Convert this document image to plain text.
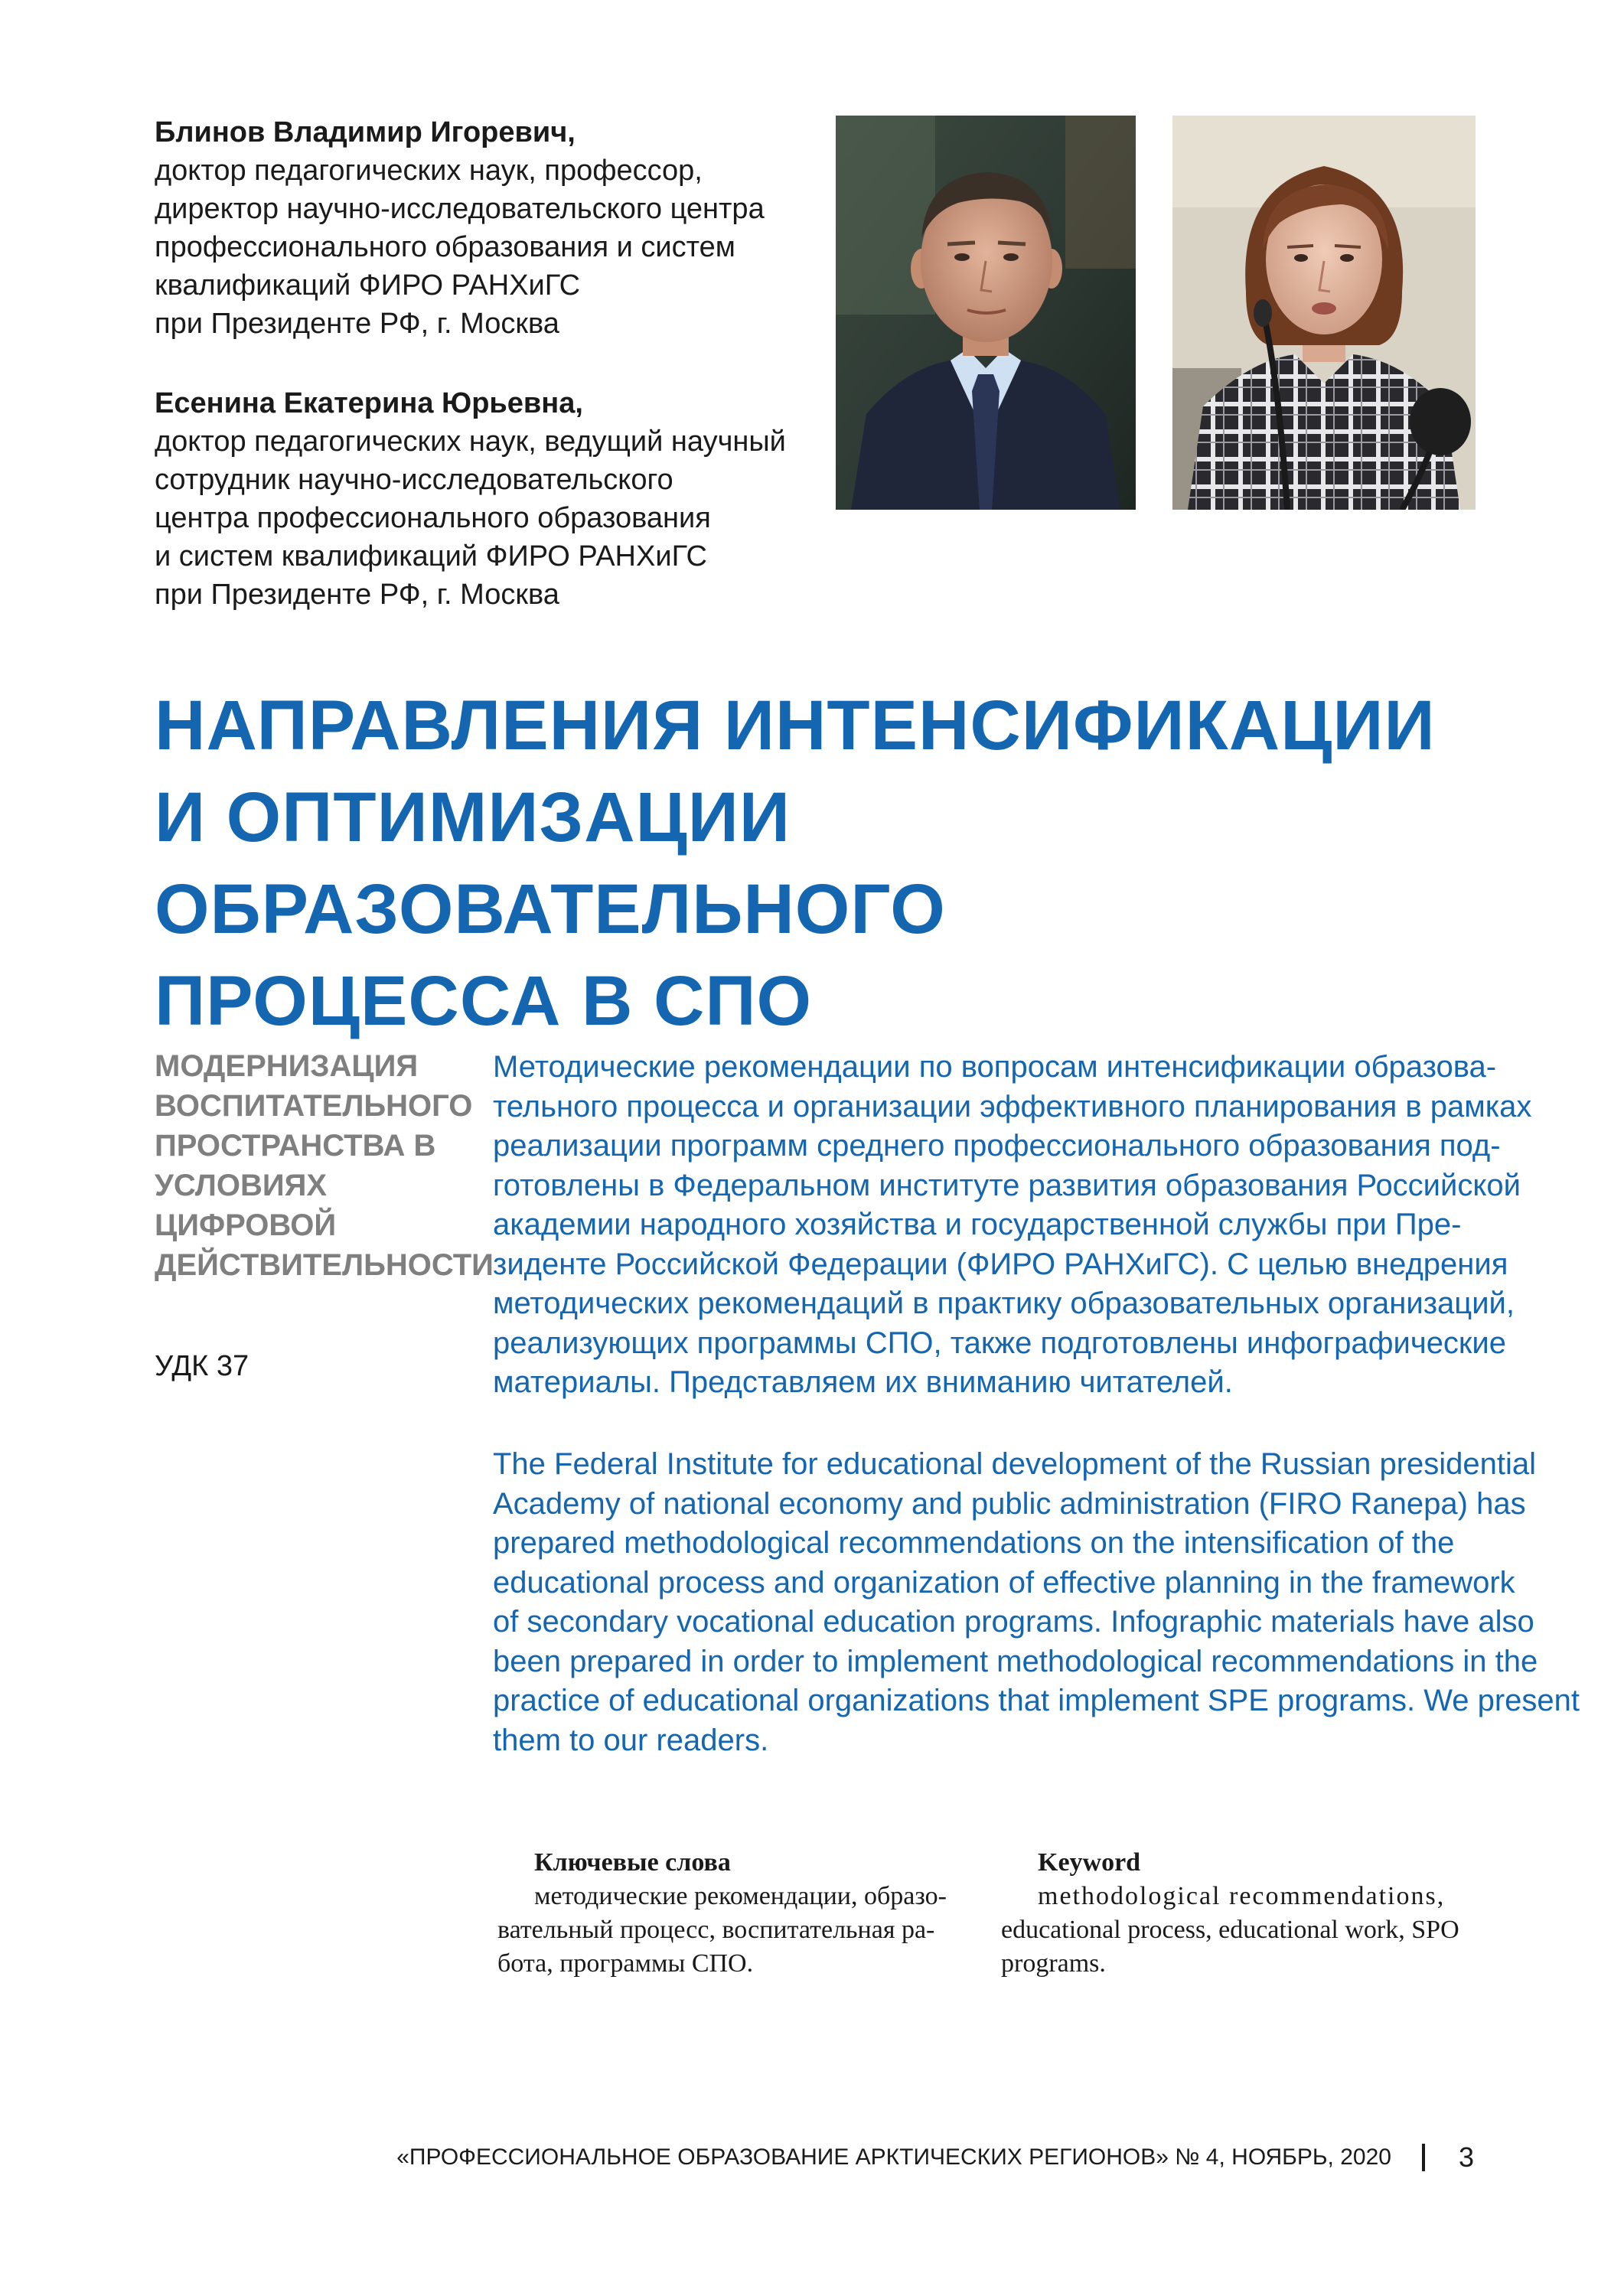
Блинов Владимир Игоревич,
доктор педагогических наук, профессор,
директор научно-исследовательского центра
профессионального образования и систем
квалификаций ФИРО РАНХиГС
при Президенте РФ, г. Москва
Есенина Екатерина Юрьевна,
доктор педагогических наук, ведущий научный
сотрудник научно-исследовательского
центра профессионального образования
и систем квалификаций ФИРО РАНХиГС
при Президенте РФ, г. Москва
НАПРАВЛЕНИЯ ИНТЕНСИФИКАЦИИ
И ОПТИМИЗАЦИИ ОБРАЗОВАТЕЛЬНОГО
ПРОЦЕССА В СПО
МОДЕРНИЗАЦИЯ
ВОСПИТАТЕЛЬНОГО
ПРОСТРАНСТВА В
УСЛОВИЯХ ЦИФРОВОЙ
ДЕЙСТВИТЕЛЬНОСТИ
УДК 37
Методические рекомендации по вопросам интенсификации образова-
тельного процесса и организации эффективного планирования в рамках
реализации программ среднего профессионального образования под-
готовлены в Федеральном институте развития образования Российской
академии народного хозяйства и государственной службы при Пре-
зиденте Российской Федерации (ФИРО РАНХиГС). С целью внедрения
методических рекомендаций в практику образовательных организаций,
реализующих программы СПО, также подготовлены инфографические
материалы. Представляем их вниманию читателей.
The Federal Institute for educational development of the Russian presidential
Academy of national economy and public administration (FIRO Ranepa) has
prepared methodological recommendations on the intensification of the
educational process and organization of effective planning in the framework
of secondary vocational education programs. Infographic materials have also
been prepared in order to implement methodological recommendations in the
practice of educational organizations that implement SPE programs. We present
them to our readers.
Ключевые слова
методические рекомендации, образо-
вательный процесс, воспитательная ра-
бота, программы СПО.
Keyword
methodological recommendations,
educational process, educational work, SPO
programs.
«ПРОФЕССИОНАЛЬНОЕ ОБРАЗОВАНИЕ АРКТИЧЕСКИХ РЕГИОНОВ» № 4, НОЯБРЬ, 2020 3
